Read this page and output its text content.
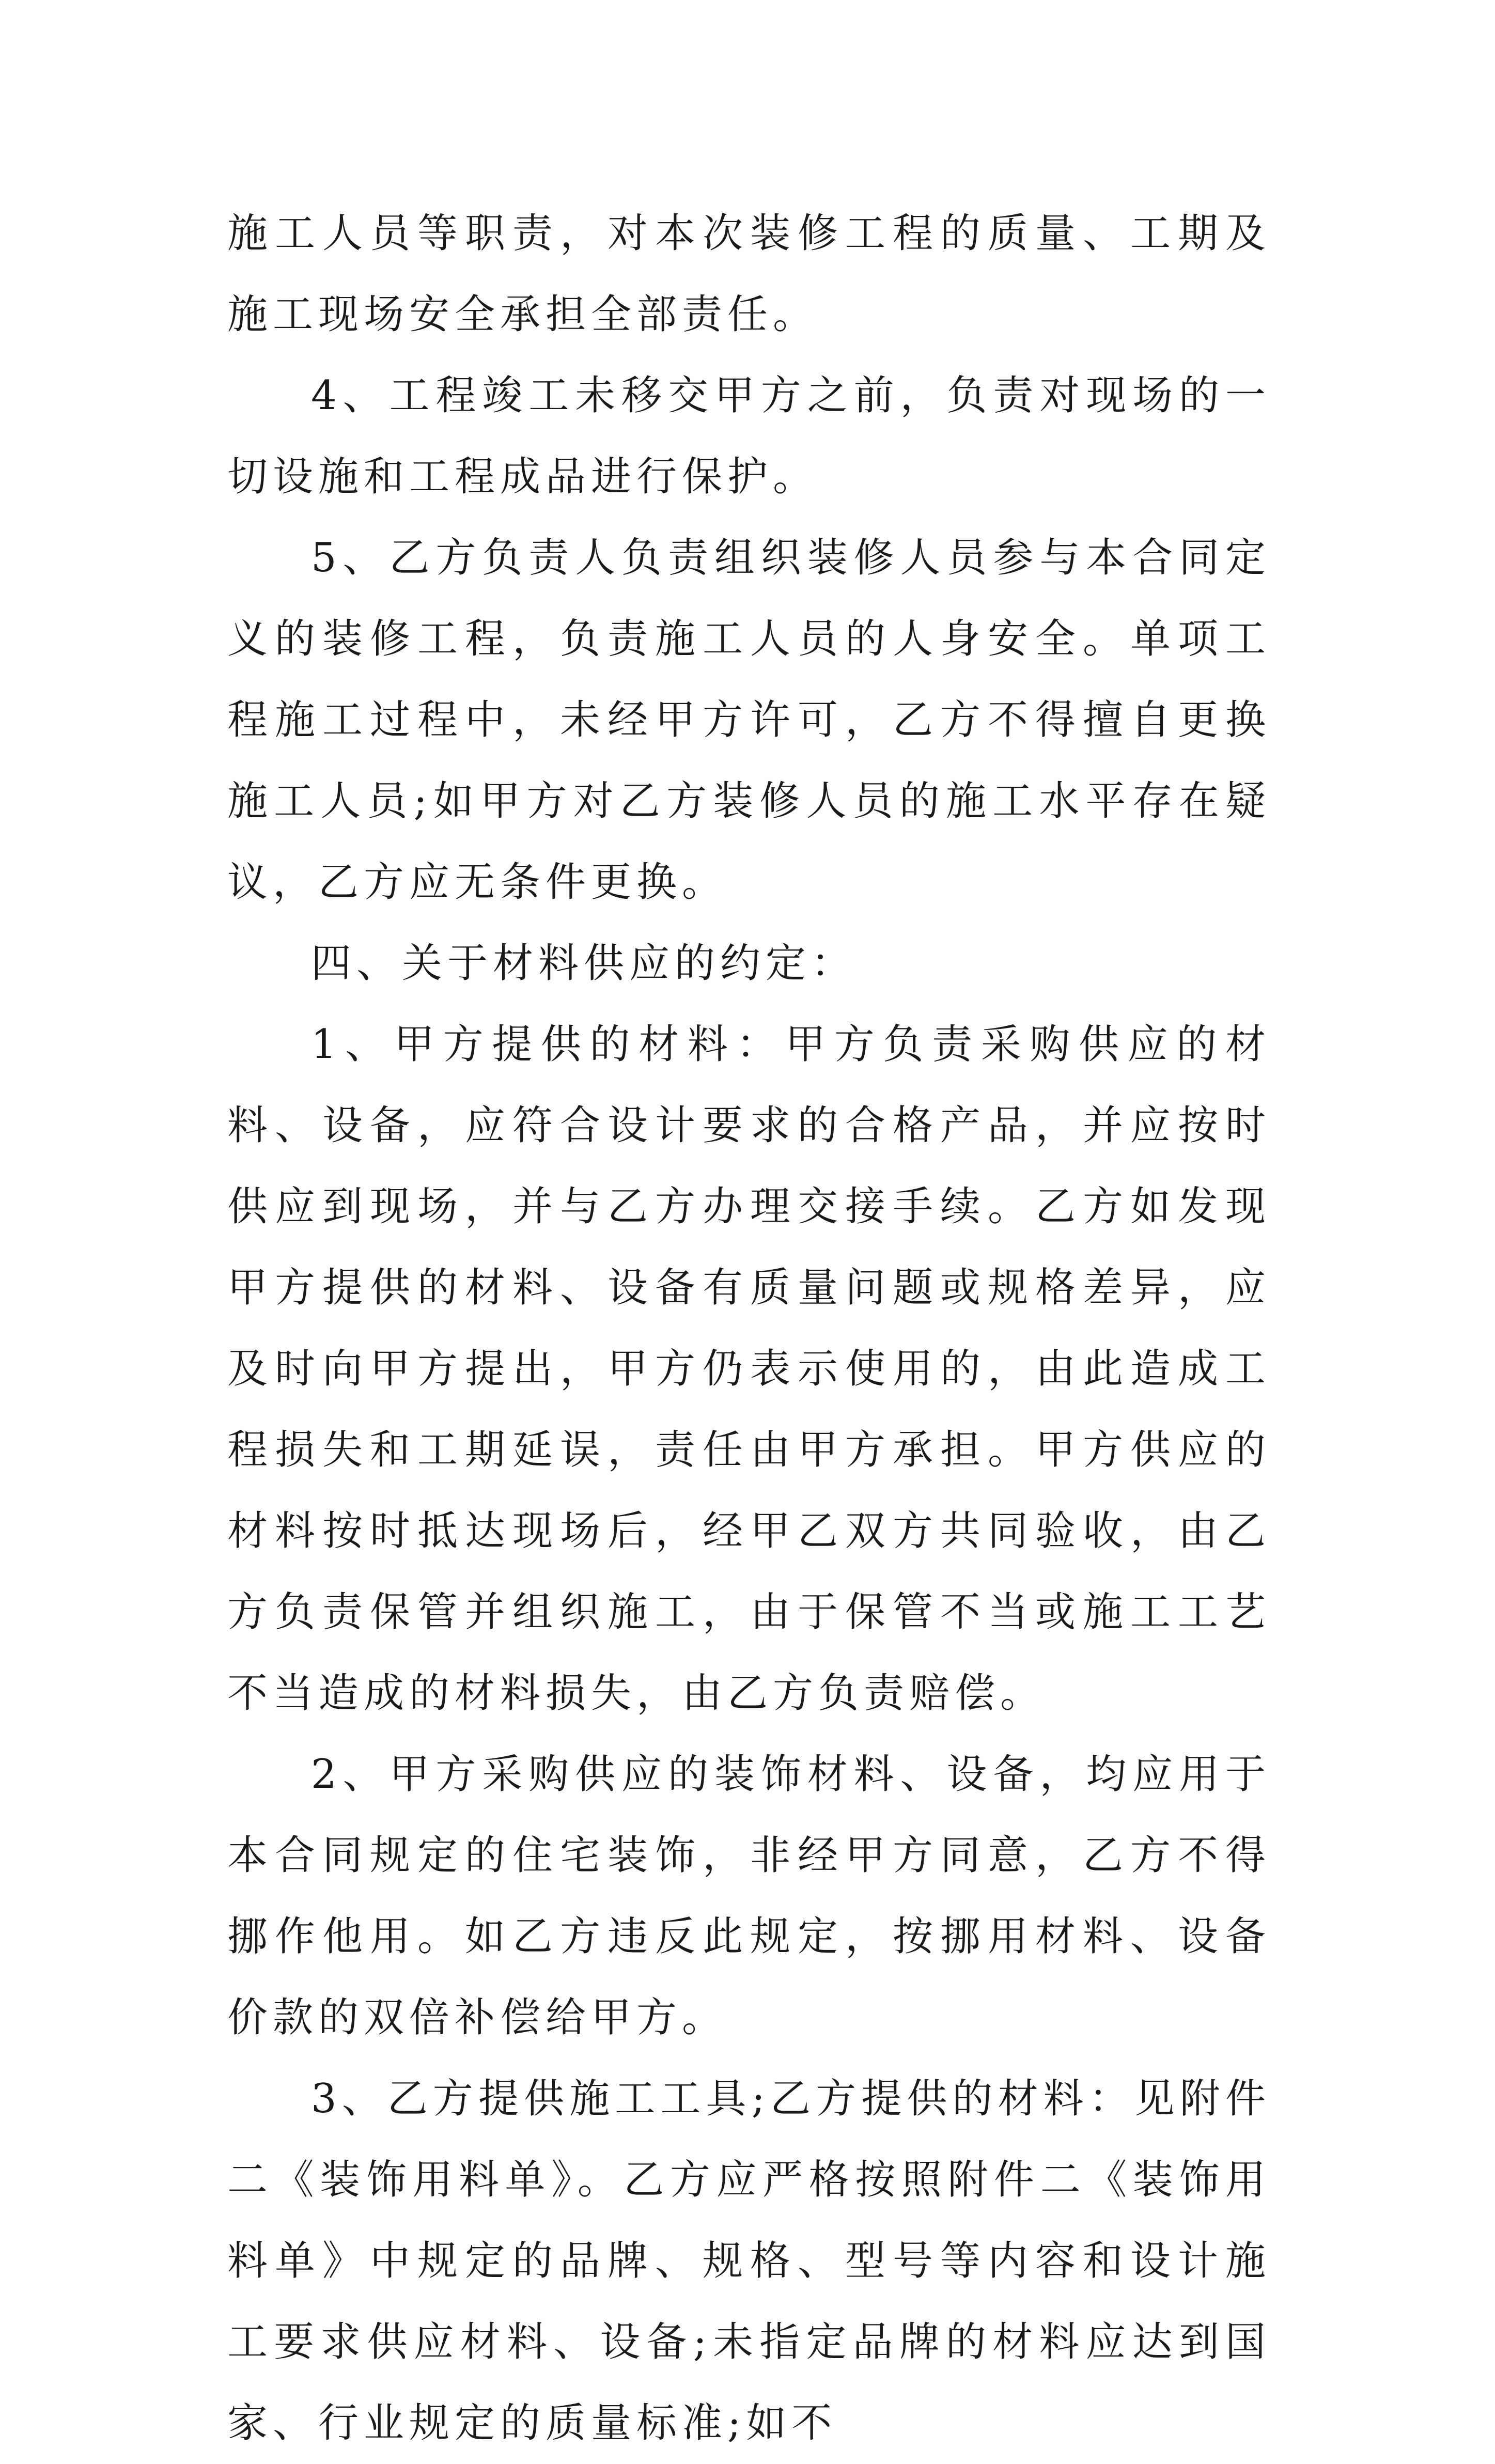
施工人员等职责，对本次装修工程的质量、工期及施工现场安全承担全部责任。

4、工程竣工未移交甲方之前，负责对现场的一切设施和工程成品进行保护。

5、乙方负责人负责组织装修人员参与本合同定义的装修工程，负责施工人员的人身安全。单项工程施工过程中，未经甲方许可，乙方不得擅自更换施工人员;如甲方对乙方装修人员的施工水平存在疑议，乙方应无条件更换。

四、关于材料供应的约定：

1、甲方提供的材料：甲方负责采购供应的材料、设备，应符合设计要求的合格产品，并应按时供应到现场，并与乙方办理交接手续。乙方如发现甲方提供的材料、设备有质量问题或规格差异，应及时向甲方提出，甲方仍表示使用的，由此造成工程损失和工期延误，责任由甲方承担。甲方供应的材料按时抵达现场后，经甲乙双方共同验收，由乙方负责保管并组织施工，由于保管不当或施工工艺不当造成的材料损失，由乙方负责赔偿。

2、甲方采购供应的装饰材料、设备，均应用于本合同规定的住宅装饰，非经甲方同意，乙方不得挪作他用。如乙方违反此规定，按挪用材料、设备价款的双倍补偿给甲方。

3、乙方提供施工工具;乙方提供的材料：见附件二《装饰用料单》。乙方应严格按照附件二《装饰用料单》中规定的品牌、规格、型号等内容和设计施工要求供应材料、设备;未指定品牌的材料应达到国家、行业规定的质量标准;如不
